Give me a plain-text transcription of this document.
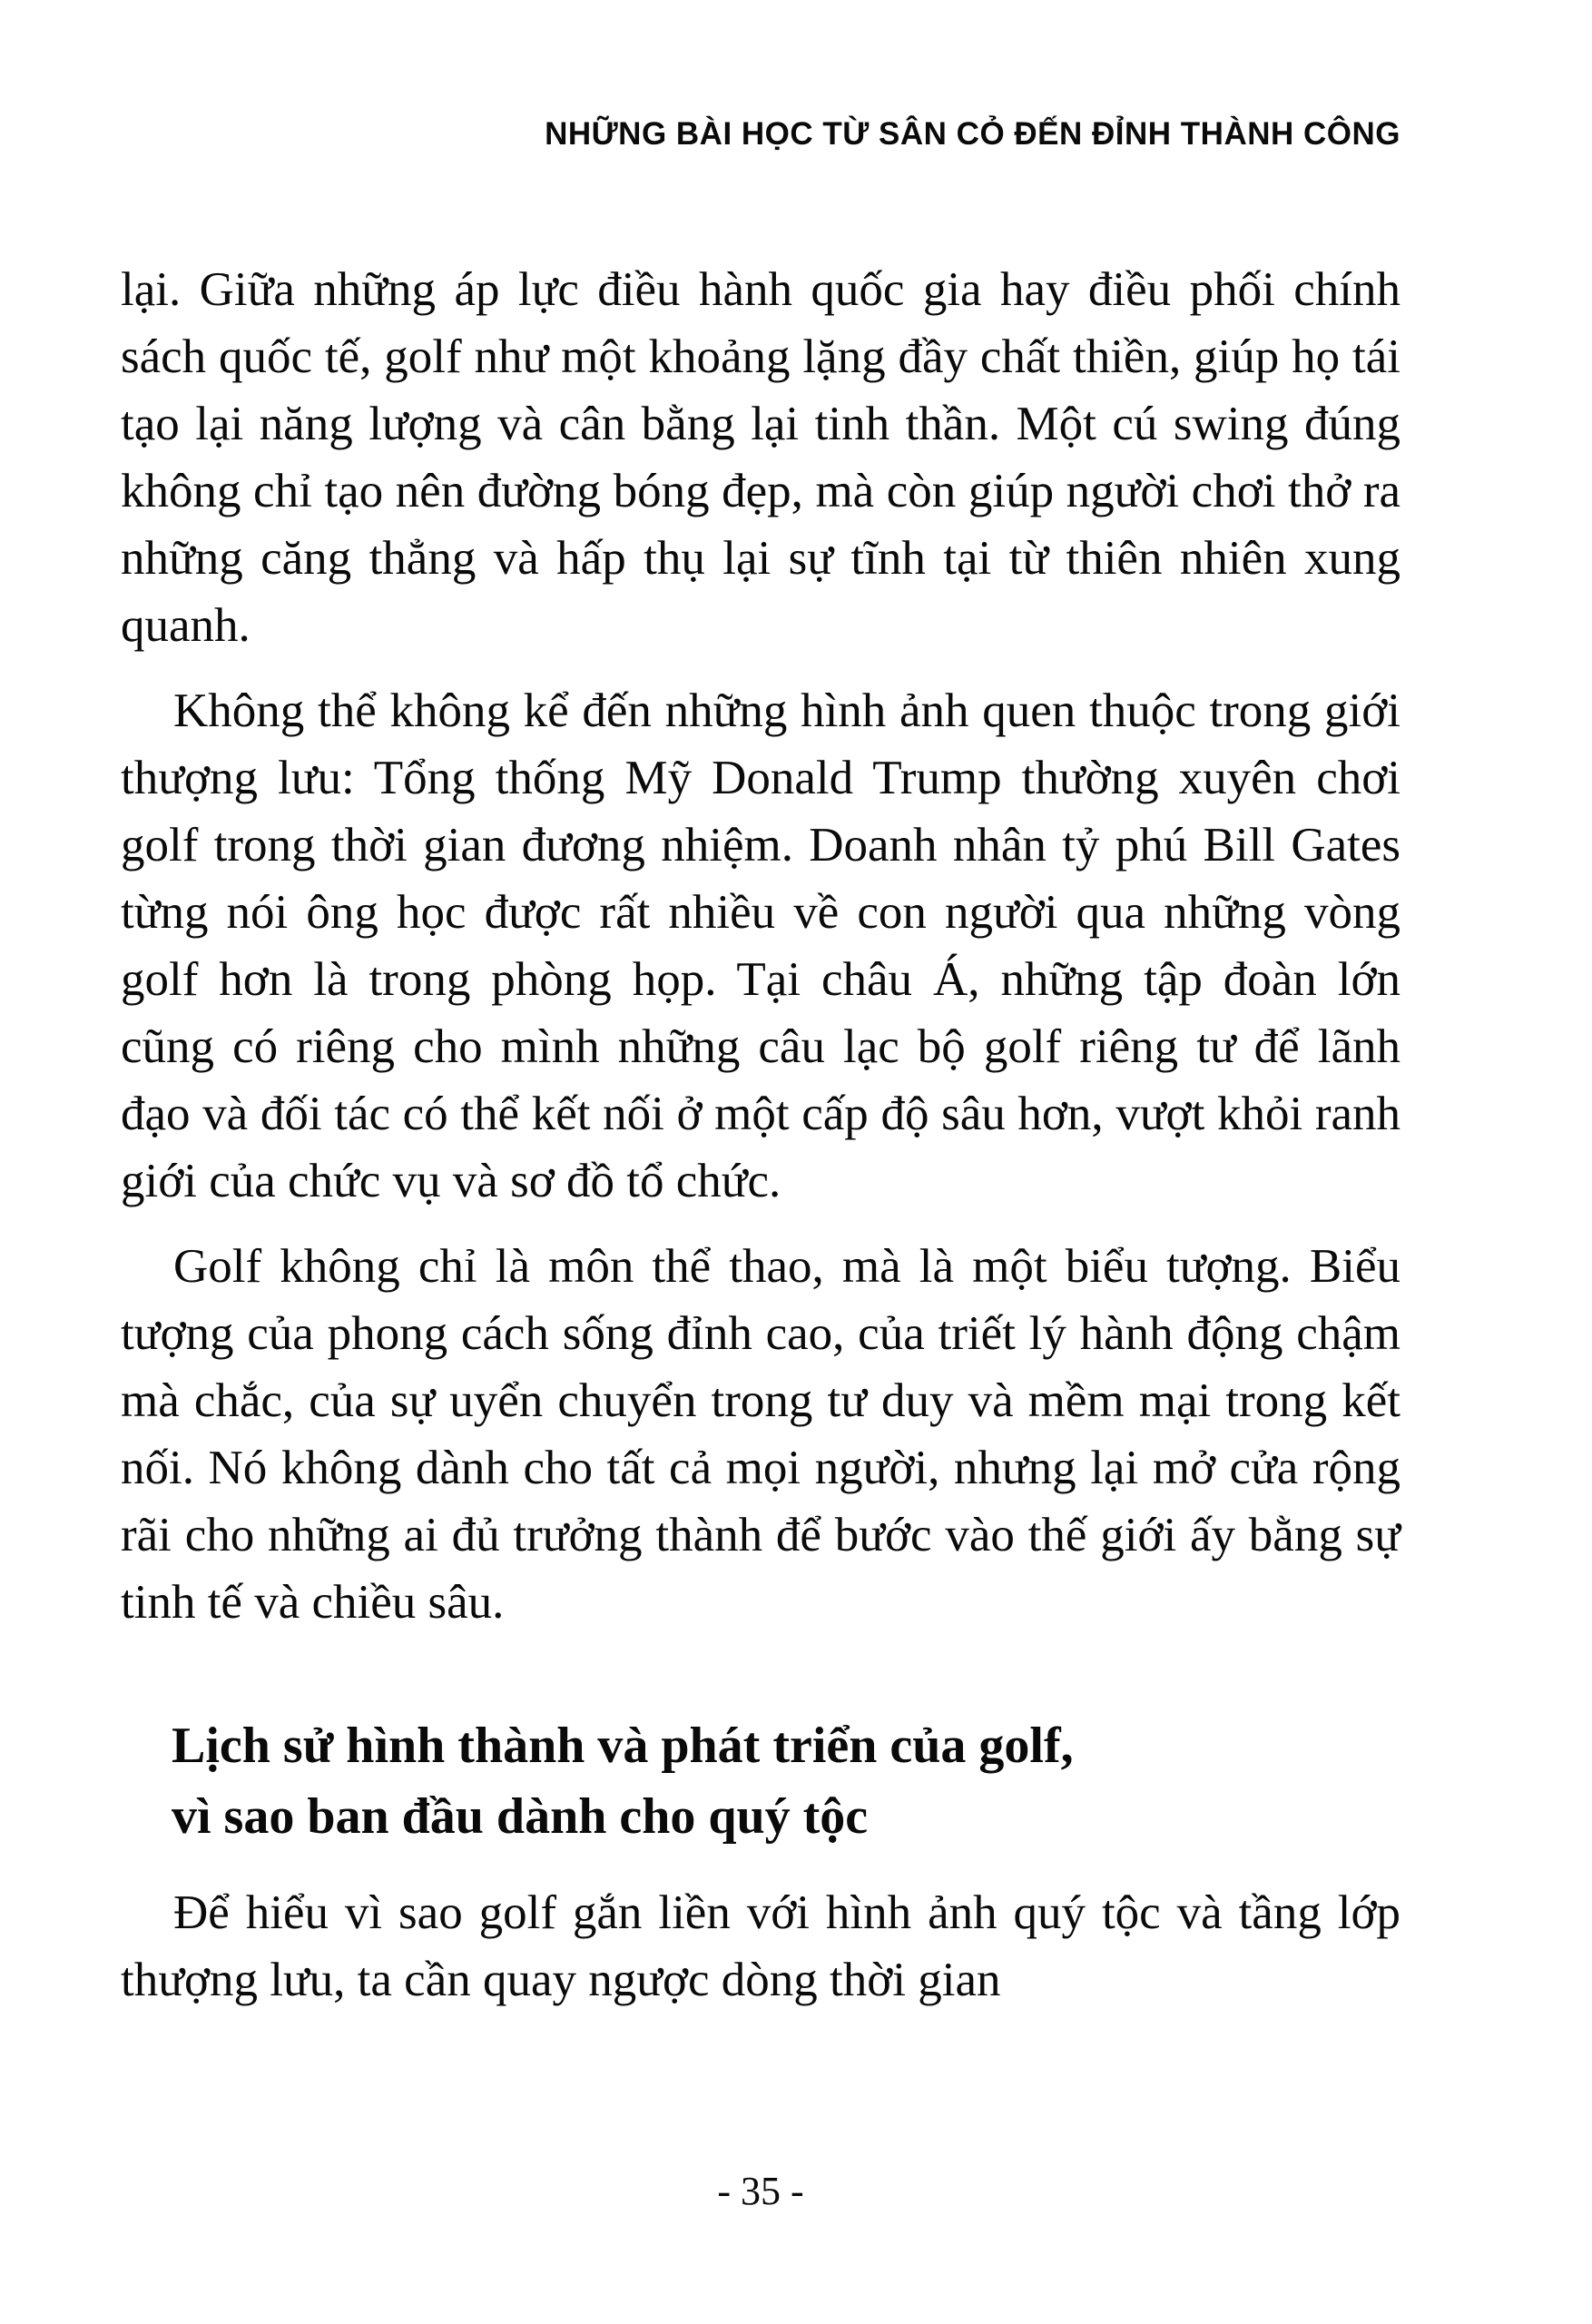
NHỮNG BÀI HỌC TỪ SÂN CỎ ĐẾN ĐỈNH THÀNH CÔNG

lại. Giữa những áp lực điều hành quốc gia hay điều phối chính sách quốc tế, golf như một khoảng lặng đầy chất thiền, giúp họ tái tạo lại năng lượng và cân bằng lại tinh thần. Một cú swing đúng không chỉ tạo nên đường bóng đẹp, mà còn giúp người chơi thở ra những căng thẳng và hấp thụ lại sự tĩnh tại từ thiên nhiên xung quanh.

Không thể không kể đến những hình ảnh quen thuộc trong giới thượng lưu: Tổng thống Mỹ Donald Trump thường xuyên chơi golf trong thời gian đương nhiệm. Doanh nhân tỷ phú Bill Gates từng nói ông học được rất nhiều về con người qua những vòng golf hơn là trong phòng họp. Tại châu Á, những tập đoàn lớn cũng có riêng cho mình những câu lạc bộ golf riêng tư để lãnh đạo và đối tác có thể kết nối ở một cấp độ sâu hơn, vượt khỏi ranh giới của chức vụ và sơ đồ tổ chức.

Golf không chỉ là môn thể thao, mà là một biểu tượng. Biểu tượng của phong cách sống đỉnh cao, của triết lý hành động chậm mà chắc, của sự uyển chuyển trong tư duy và mềm mại trong kết nối. Nó không dành cho tất cả mọi người, nhưng lại mở cửa rộng rãi cho những ai đủ trưởng thành để bước vào thế giới ấy bằng sự tinh tế và chiều sâu.

Lịch sử hình thành và phát triển của golf,
vì sao ban đầu dành cho quý tộc

Để hiểu vì sao golf gắn liền với hình ảnh quý tộc và tầng lớp thượng lưu, ta cần quay ngược dòng thời gian

- 35 -
